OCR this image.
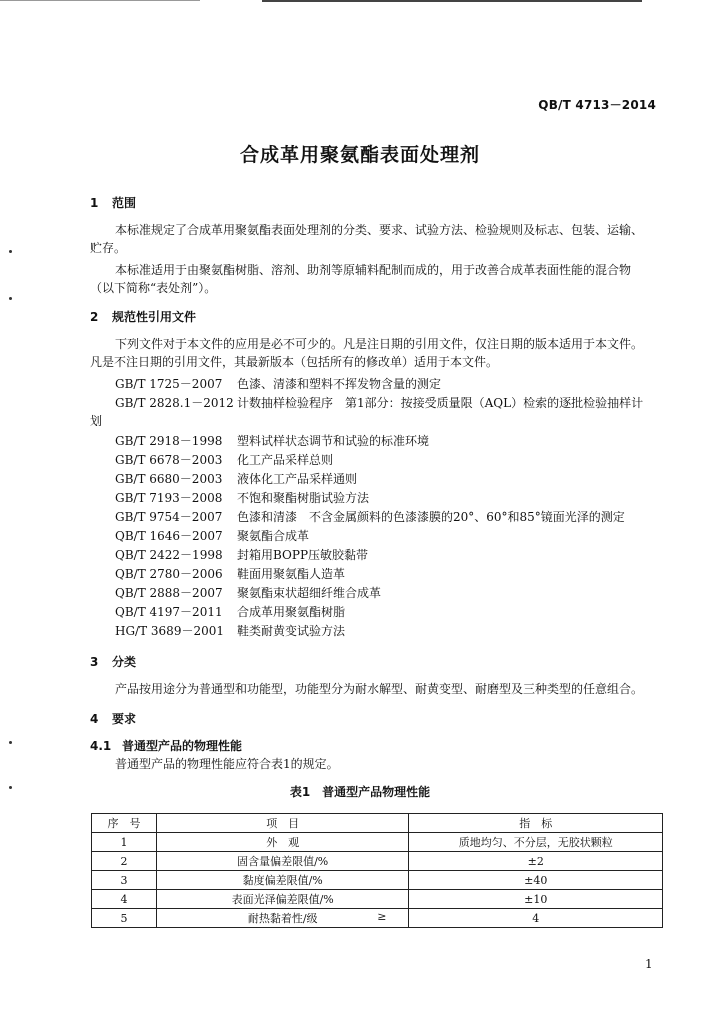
QB/T 4713－2014
合成革用聚氨酯表面处理剂
1 范围
本标准规定了合成革用聚氨酯表面处理剂的分类、要求、试验方法、检验规则及标志、包装、运输、
贮存。
本标准适用于由聚氨酯树脂、溶剂、助剂等原辅料配制而成的，用于改善合成革表面性能的混合物
（以下简称“表处剂”）。
2 规范性引用文件
下列文件对于本文件的应用是必不可少的。凡是注日期的引用文件，仅注日期的版本适用于本文件。
凡是不注日期的引用文件，其最新版本（包括所有的修改单）适用于本文件。
GB/T 1725－2007 色漆、清漆和塑料不挥发物含量的测定
GB/T 2828.1－2012 计数抽样检验程序　第1部分：按接受质量限（AQL）检索的逐批检验抽样计
划
GB/T 2918－1998 塑料试样状态调节和试验的标准环境
GB/T 6678－2003 化工产品采样总则
GB/T 6680－2003 液体化工产品采样通则
GB/T 7193－2008 不饱和聚酯树脂试验方法
GB/T 9754－2007 色漆和清漆　不含金属颜料的色漆漆膜的20°、60°和85°镜面光泽的测定
QB/T 1646－2007 聚氨酯合成革
QB/T 2422－1998 封箱用BOPP压敏胶黏带
QB/T 2780－2006 鞋面用聚氨酯人造革
QB/T 2888－2007 聚氨酯束状超细纤维合成革
QB/T 4197－2011 合成革用聚氨酯树脂
HG/T 3689－2001 鞋类耐黄变试验方法
3 分类
产品按用途分为普通型和功能型，功能型分为耐水解型、耐黄变型、耐磨型及三种类型的任意组合。
4 要求
4.1 普通型产品的物理性能
普通型产品的物理性能应符合表1的规定。
表1　普通型产品物理性能
序　号	项　目	指　标
1	外　观	质地均匀、不分层，无胶状颗粒
2	固含量偏差限值/%	±2
3	黏度偏差限值/%	±40
4	表面光泽偏差限值/%	±10
5	耐热黏着性/级 ≥	4
1
